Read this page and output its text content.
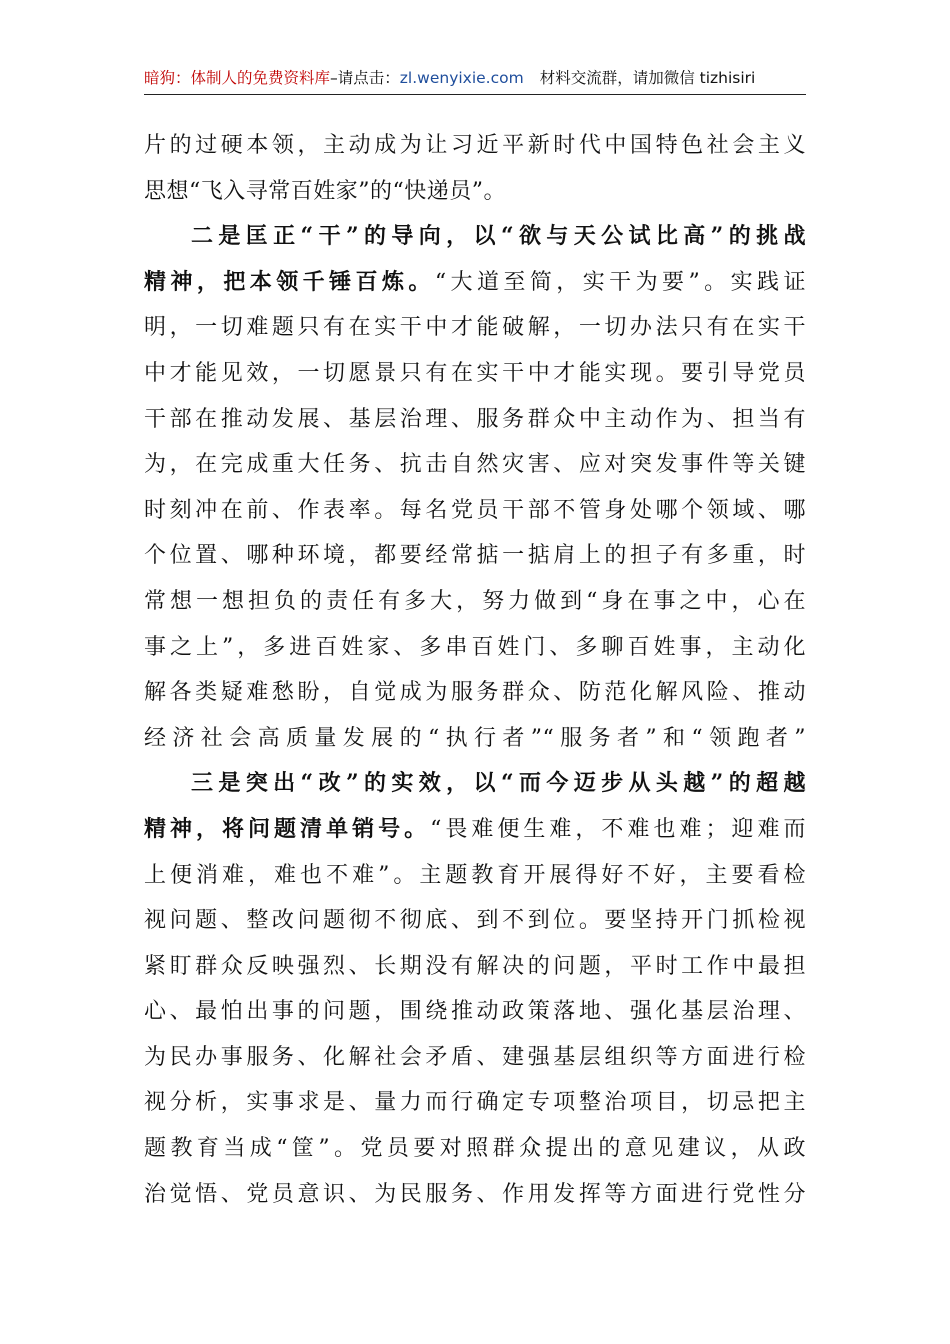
暗狗：体制人的免费资料库–请点击：zl.wenyixie.com 材料交流群，请加微信 tizhisiri
片的过硬本领，主动成为让习近平新时代中国特色社会主义
思想“飞入寻常百姓家”的“快递员”。
二是匡正“干”的导向，以“欲与天公试比高”的挑战
精神，把本领千锤百炼。“大道至简，实干为要”。实践证
明，一切难题只有在实干中才能破解，一切办法只有在实干
中才能见效，一切愿景只有在实干中才能实现。要引导党员
干部在推动发展、基层治理、服务群众中主动作为、担当有
为，在完成重大任务、抗击自然灾害、应对突发事件等关键
时刻冲在前、作表率。每名党员干部不管身处哪个领域、哪
个位置、哪种环境，都要经常掂一掂肩上的担子有多重，时
常想一想担负的责任有多大，努力做到“身在事之中，心在
事之上”，多进百姓家、多串百姓门、多聊百姓事，主动化
解各类疑难愁盼，自觉成为服务群众、防范化解风险、推动
经济社会高质量发展的“执行者”“服务者”和“领跑者”
三是突出“改”的实效，以“而今迈步从头越”的超越
精神，将问题清单销号。“畏难便生难，不难也难；迎难而
上便消难，难也不难”。主题教育开展得好不好，主要看检
视问题、整改问题彻不彻底、到不到位。要坚持开门抓检视
紧盯群众反映强烈、长期没有解决的问题，平时工作中最担
心、最怕出事的问题，围绕推动政策落地、强化基层治理、
为民办事服务、化解社会矛盾、建强基层组织等方面进行检
视分析，实事求是、量力而行确定专项整治项目，切忌把主
题教育当成“筐”。党员要对照群众提出的意见建议，从政
治觉悟、党员意识、为民服务、作用发挥等方面进行党性分
